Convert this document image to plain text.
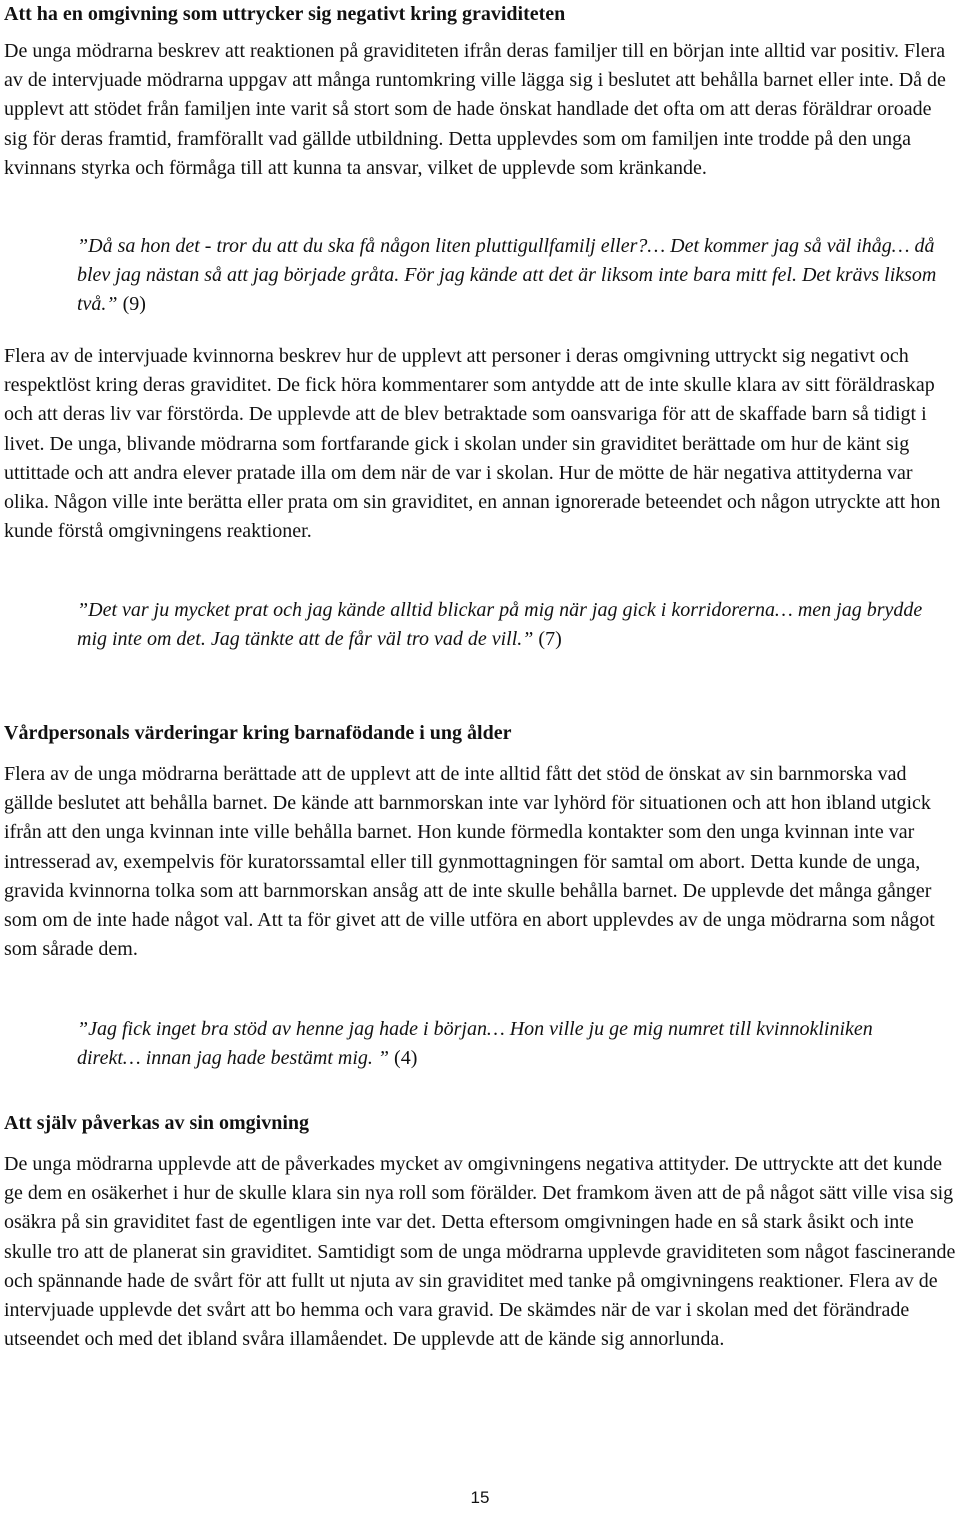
Att ha en omgivning som uttrycker sig negativt kring graviditeten

De unga mödrarna beskrev att reaktionen på graviditeten ifrån deras familjer till en början inte alltid var positiv. Flera av de intervjuade mödrarna uppgav att många runtomkring ville lägga sig i beslutet att behålla barnet eller inte. Då de upplevt att stödet från familjen inte varit så stort som de hade önskat handlade det ofta om att deras föräldrar oroade sig för deras framtid, framförallt vad gällde utbildning. Detta upplevdes som om familjen inte trodde på den unga kvinnans styrka och förmåga till att kunna ta ansvar, vilket de upplevde som kränkande.

”Då sa hon det - tror du att du ska få någon liten pluttigullfamilj eller?… Det kommer jag så väl ihåg… då blev jag nästan så att jag började gråta. För jag kände att det är liksom inte bara mitt fel. Det krävs liksom två.” (9)

Flera av de intervjuade kvinnorna beskrev hur de upplevt att personer i deras omgivning uttryckt sig negativt och respektlöst kring deras graviditet. De fick höra kommentarer som antydde att de inte skulle klara av sitt föräldraskap och att deras liv var förstörda. De upplevde att de blev betraktade som oansvariga för att de skaffade barn så tidigt i livet. De unga, blivande mödrarna som fortfarande gick i skolan under sin graviditet berättade om hur de känt sig uttittade och att andra elever pratade illa om dem när de var i skolan. Hur de mötte de här negativa attityderna var olika. Någon ville inte berätta eller prata om sin graviditet, en annan ignorerade beteendet och någon utryckte att hon kunde förstå omgivningens reaktioner.

”Det var ju mycket prat och jag kände alltid blickar på mig när jag gick i korridorerna… men jag brydde mig inte om det. Jag tänkte att de får väl tro vad de vill.” (7)

Vårdpersonals värderingar kring barnafödande i ung ålder

Flera av de unga mödrarna berättade att de upplevt att de inte alltid fått det stöd de önskat av sin barnmorska vad gällde beslutet att behålla barnet. De kände att barnmorskan inte var lyhörd för situationen och att hon ibland utgick ifrån att den unga kvinnan inte ville behålla barnet. Hon kunde förmedla kontakter som den unga kvinnan inte var intresserad av, exempelvis för kuratorssamtal eller till gynmottagningen för samtal om abort. Detta kunde de unga, gravida kvinnorna tolka som att barnmorskan ansåg att de inte skulle behålla barnet. De upplevde det många gånger som om de inte hade något val. Att ta för givet att de ville utföra en abort upplevdes av de unga mödrarna som något som sårade dem.

”Jag fick inget bra stöd av henne jag hade i början… Hon ville ju ge mig numret till kvinnokliniken direkt… innan jag hade bestämt mig. ” (4)

Att själv påverkas av sin omgivning

De unga mödrarna upplevde att de påverkades mycket av omgivningens negativa attityder. De uttryckte att det kunde ge dem en osäkerhet i hur de skulle klara sin nya roll som förälder. Det framkom även att de på något sätt ville visa sig osäkra på sin graviditet fast de egentligen inte var det. Detta eftersom omgivningen hade en så stark åsikt och inte skulle tro att de planerat sin graviditet. Samtidigt som de unga mödrarna upplevde graviditeten som något fascinerande och spännande hade de svårt för att fullt ut njuta av sin graviditet med tanke på omgivningens reaktioner. Flera av de intervjuade upplevde det svårt att bo hemma och vara gravid. De skämdes när de var i skolan med det förändrade utseendet och med det ibland svåra illamåendet. De upplevde att de kände sig annorlunda.

15
